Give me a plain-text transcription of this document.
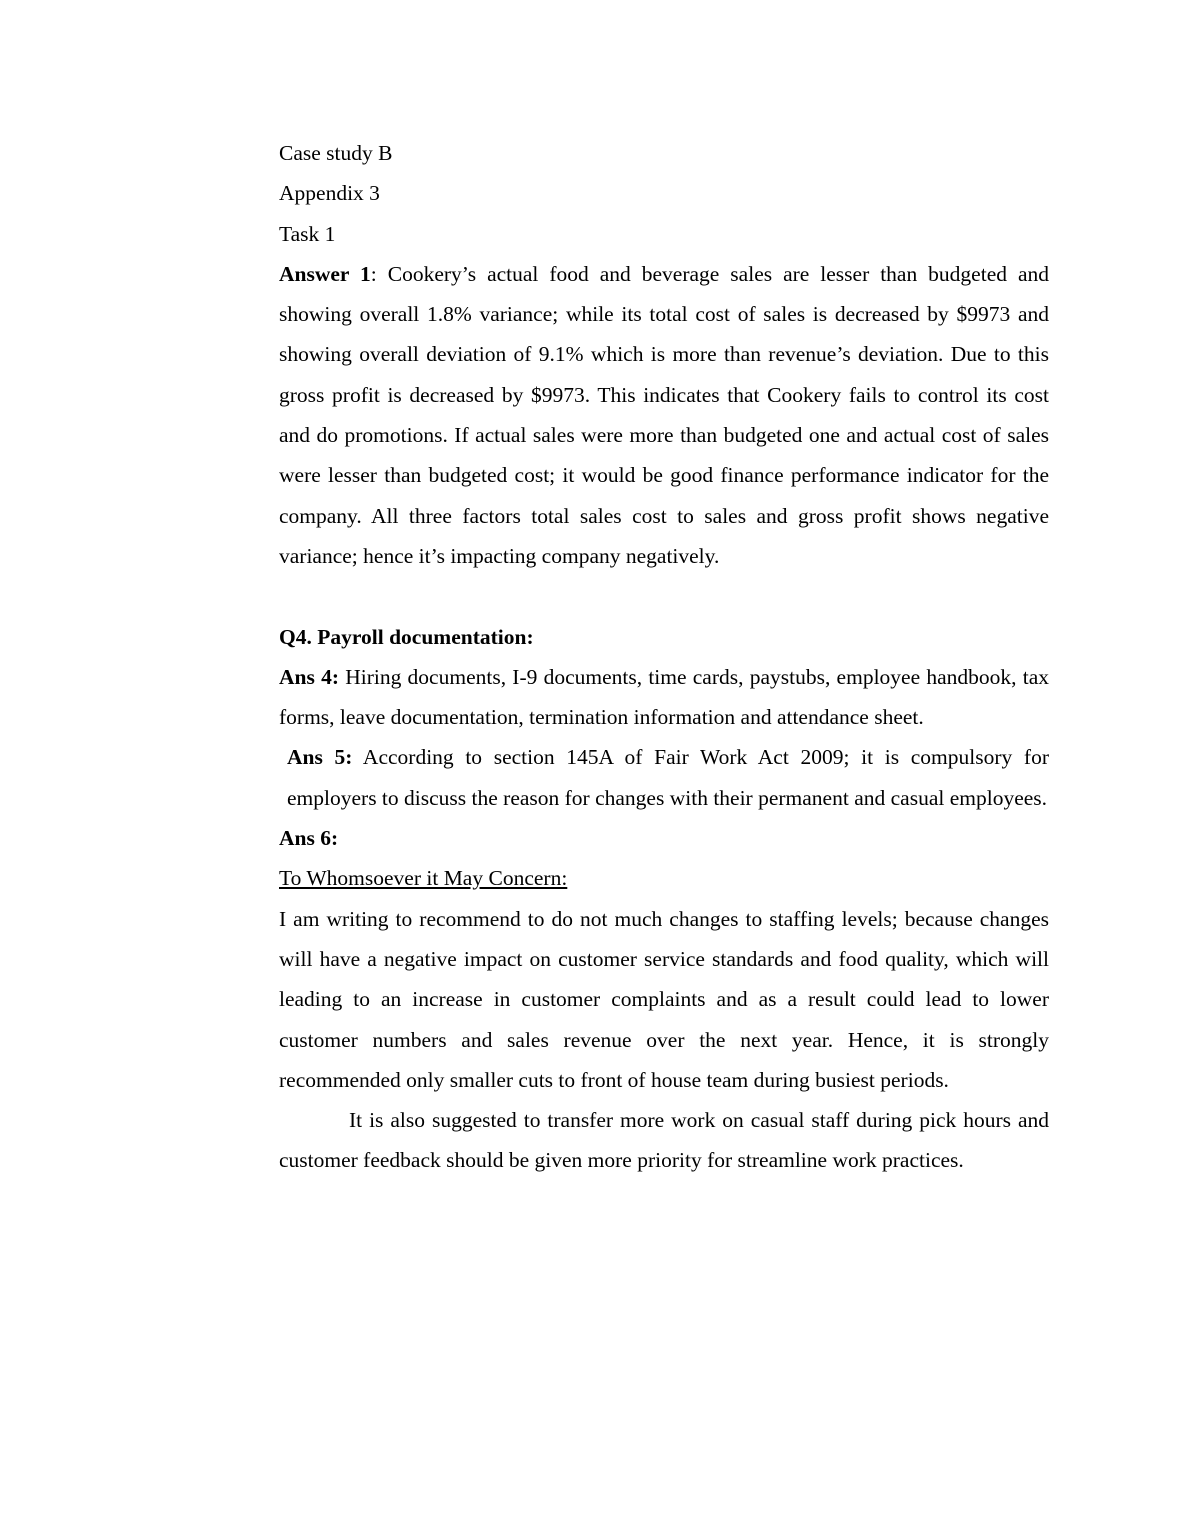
Case study B

Appendix 3

Task 1

Answer 1: Cookery’s actual food and beverage sales are lesser than budgeted and showing overall 1.8% variance; while its total cost of sales is decreased by $9973 and showing overall deviation of 9.1% which is more than revenue’s deviation. Due to this gross profit is decreased by $9973. This indicates that Cookery fails to control its cost and do promotions. If actual sales were more than budgeted one and actual cost of sales were lesser than budgeted cost; it would be good finance performance indicator for the company. All three factors total sales cost to sales and gross profit shows negative variance; hence it’s impacting company negatively.

Q4. Payroll documentation:

Ans 4: Hiring documents, I-9 documents, time cards, paystubs, employee handbook, tax forms, leave documentation, termination information and attendance sheet.

Ans 5: According to section 145A of Fair Work Act 2009; it is compulsory for employers to discuss the reason for changes with their permanent and casual employees.

Ans 6:

To Whomsoever it May Concern:

I am writing to recommend to do not much changes to staffing levels; because changes will have a negative impact on customer service standards and food quality, which will leading to an increase in customer complaints and as a result could lead to lower customer numbers and sales revenue over the next year. Hence, it is strongly recommended only smaller cuts to front of house team during busiest periods.

It is also suggested to transfer more work on casual staff during pick hours and customer feedback should be given more priority for streamline work practices.
